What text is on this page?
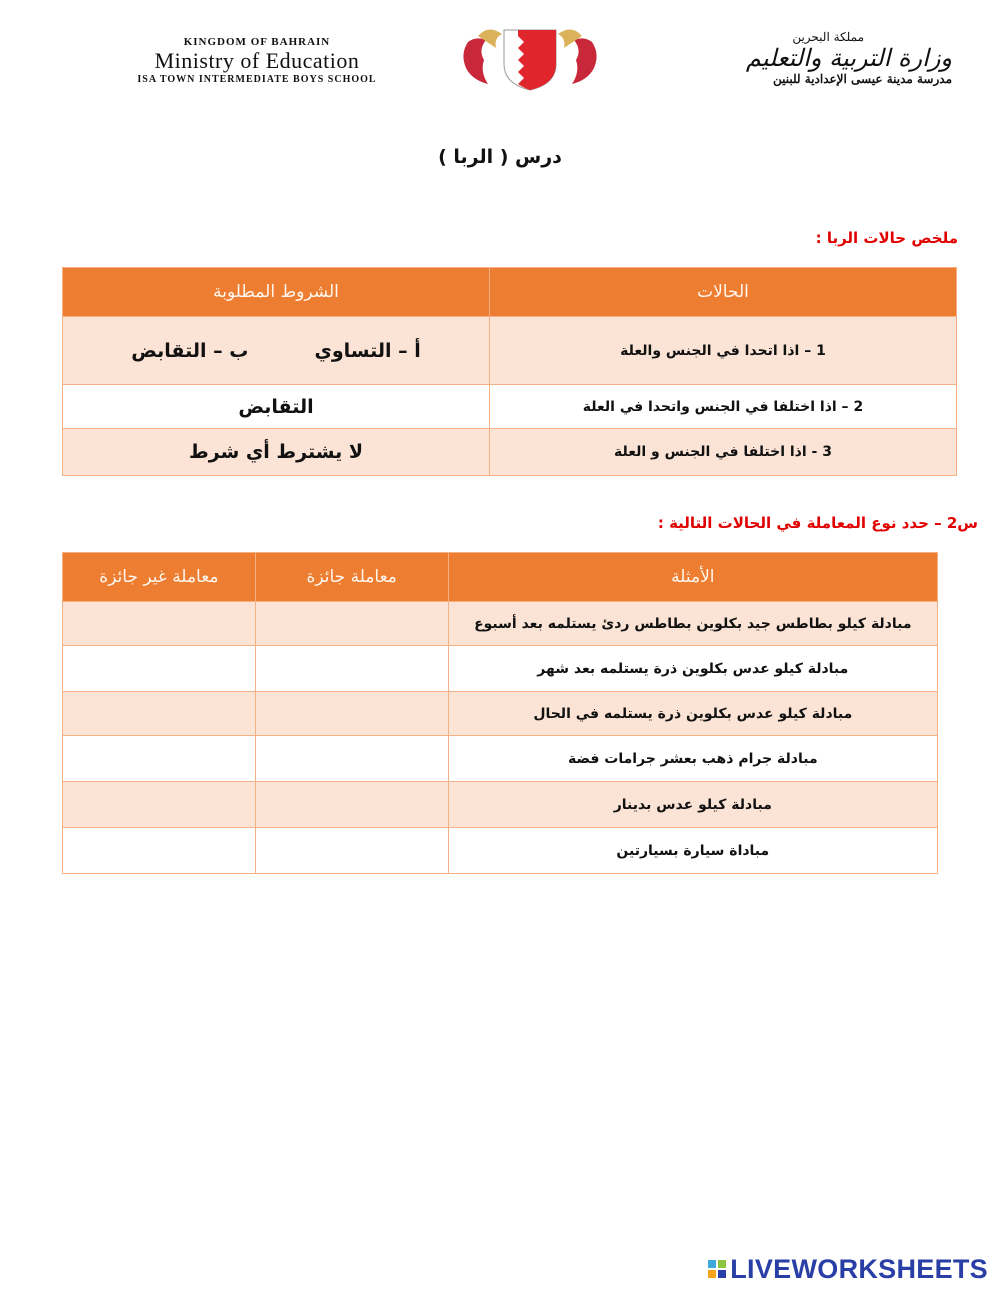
KINGDOM OF BAHRAIN
Ministry of Education
ISA TOWN INTERMEDIATE BOYS SCHOOL
مملكة البحرين
وزارة التربية والتعليم
مدرسة مدينة عيسى الإعدادية للبنين
درس ( الربا )
ملخص حالات الربا :
الحالات	الشروط المطلوبة
1 – اذا اتحدا في الجنس والعلة	أ – التساوي          ب – التقابض
2 – اذا اختلفا في الجنس واتحدا في العلة	التقابض
3 - اذا اختلفا في الجنس و العلة	لا يشترط أي شرط
س2 – حدد نوع المعاملة في الحالات التالية :
الأمثلة	معاملة جائزة	معاملة غير جائزة
مبادلة كيلو بطاطس جيد بكلوين بطاطس ردئ يستلمه بعد أسبوع		
مبادلة كيلو عدس بكلوين ذرة يستلمه بعد شهر		
مبادلة كيلو عدس بكلوين ذرة يستلمه في الحال		
مبادلة جرام ذهب بعشر جرامات فضة		
مبادلة كيلو عدس بدينار		
مباداة سيارة بسيارتين		
LIVEWORKSHEETS
